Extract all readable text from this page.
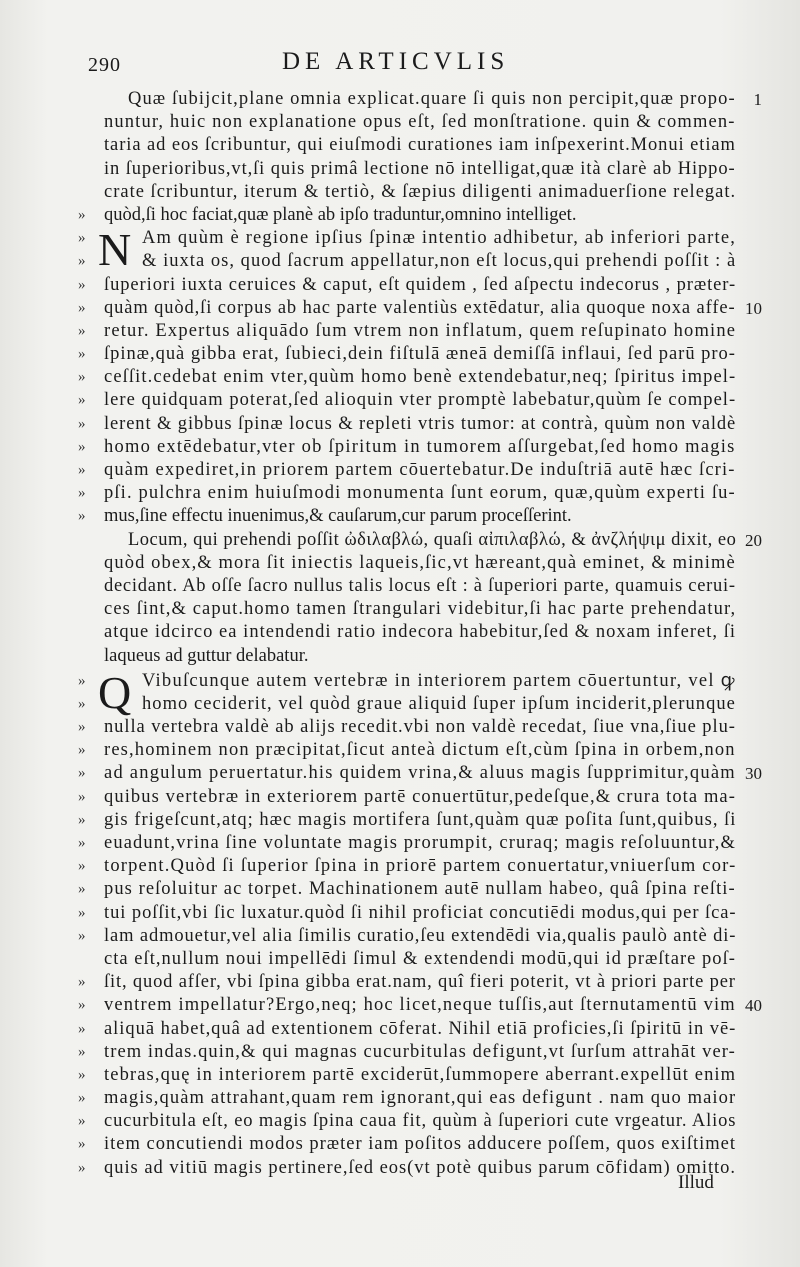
290	DE ARTICVLIS
Quæ ſubijcit,plane omnia explicat.quare ſi quis non percipit,quæ propo-	1
nuntur, huic non explanatione opus eſt, ſed monſtratione. quin & commen-
taria ad eos ſcribuntur, qui eiuſmodi curationes iam inſpexerint.Monui etiam
in ſuperioribus,vt,ſi quis primâ lectione nō intelligat,quæ ità clarè ab Hippo-
crate ſcribuntur, iterum & tertiò, & ſæpius diligenti animaduerſione relegat.
» quòd,ſi hoc faciat,quæ planè ab ipſo traduntur,omnino intelliget.
N
»	Am quùm è regione ipſius ſpinæ intentio adhibetur, ab inferiori parte,
»	& iuxta os, quod ſacrum appellatur,non eſt locus,qui prehendi poſſit : à
» ſuperiori iuxta ceruices & caput, eſt quidem , ſed aſpectu indecorus , præter-
» quàm quòd,ſi corpus ab hac parte valentiùs extēdatur, alia quoque noxa affe- 10
» retur. Expertus aliquādo ſum vtrem non inflatum, quem reſupinato homine
» ſpinæ,quà gibba erat, ſubieci,dein fiſtulā æneā demiſſā inflaui, ſed parū pro-
» ceſſit.cedebat enim vter,quùm homo benè extendebatur,neq; ſpiritus impel-
» lere quidquam poterat,ſed alioquin vter promptè labebatur,quùm ſe compel-
» lerent & gibbus ſpinæ locus & repleti vtris tumor: at contrà, quùm non valdè
» homo extēdebatur,vter ob ſpiritum in tumorem aſſurgebat,ſed homo magis
» quàm expediret,in priorem partem cōuertebatur.De induſtriā autē hæc ſcri-
» pſi. pulchra enim huiuſmodi monumenta ſunt eorum, quæ,quùm experti ſu-
» mus,ſine effectu inuenimus,& cauſarum,cur parum proceſſerint.
Locum, qui prehendi poſſit ὠδιλαβλώ, quaſi αἰπιλαβλώ, & ἀνζλήψιμ dixit, eo 20
quòd obex,& mora ſit iniectis laqueis,ſic,vt hæreant,quà eminet, & minimè
decidant. Ab oſſe ſacro nullus talis locus eſt : à ſuperiori parte, quamuis cerui-
ces ſint,& caput.homo tamen ſtrangulari videbitur,ſi hac parte prehendatur,
atque idcirco ea intendendi ratio indecora habebitur,ſed & noxam inferet, ſi
laqueus ad guttur delabatur.
Q
»	Vibuſcunque autem vertebræ in interiorem partem cōuertuntur, vel ꝙ
»	homo ceciderit, vel quòd graue aliquid ſuper ipſum inciderit,plerunque
» nulla vertebra valdè ab alijs recedit.vbi non valdè recedat, ſiue vna,ſiue plu-
» res,hominem non præcipitat,ſicut anteà dictum eſt,cùm ſpina in orbem,non
» ad angulum peruertatur.his quidem vrina,& aluus magis ſupprimitur,quàm 30
» quibus vertebræ in exteriorem partē conuertūtur,pedeſque,& crura tota ma-
» gis frigeſcunt,atq; hæc magis mortifera ſunt,quàm quæ poſita ſunt,quibus, ſi
» euadunt,vrina ſine voluntate magis prorumpit, cruraq; magis reſoluuntur,&
» torpent.Quòd ſi ſuperior ſpina in priorē partem conuertatur,vniuerſum cor-
» pus reſoluitur ac torpet. Machinationem autē nullam habeo, quâ ſpina reſti-
» tui poſſit,vbi ſic luxatur.quòd ſi nihil proficiat concutiēdi modus,qui per ſca-
» lam admouetur,vel alia ſimilis curatio,ſeu extendēdi via,qualis paulò antè di-
cta eſt,nullum noui impellēdi ſimul & extendendi modū,qui id præſtare poſ-
» ſit, quod afſer, vbi ſpina gibba erat.nam, quî fieri poterit, vt à priori parte per
» ventrem impellatur?Ergo,neq; hoc licet,neque tuſſis,aut ſternutamentū vim 40
» aliquā habet,quâ ad extentionem cōferat. Nihil etiā proficies,ſi ſpiritū in vē-
» trem indas.quin,& qui magnas cucurbitulas defigunt,vt ſurſum attrahāt ver-
» tebras,quę in interiorem partē exciderūt,ſummopere aberrant.expellūt enim
» magis,quàm attrahant,quam rem ignorant,qui eas defigunt . nam quo maior
» cucurbitula eſt, eo magis ſpina caua fit, quùm à ſuperiori cute vrgeatur. Alios
» item concutiendi modos præter iam poſitos adducere poſſem, quos exiſtimet
» quis ad vitiū magis pertinere,ſed eos(vt potè quibus parum cōfidam) omitto.
Illud
